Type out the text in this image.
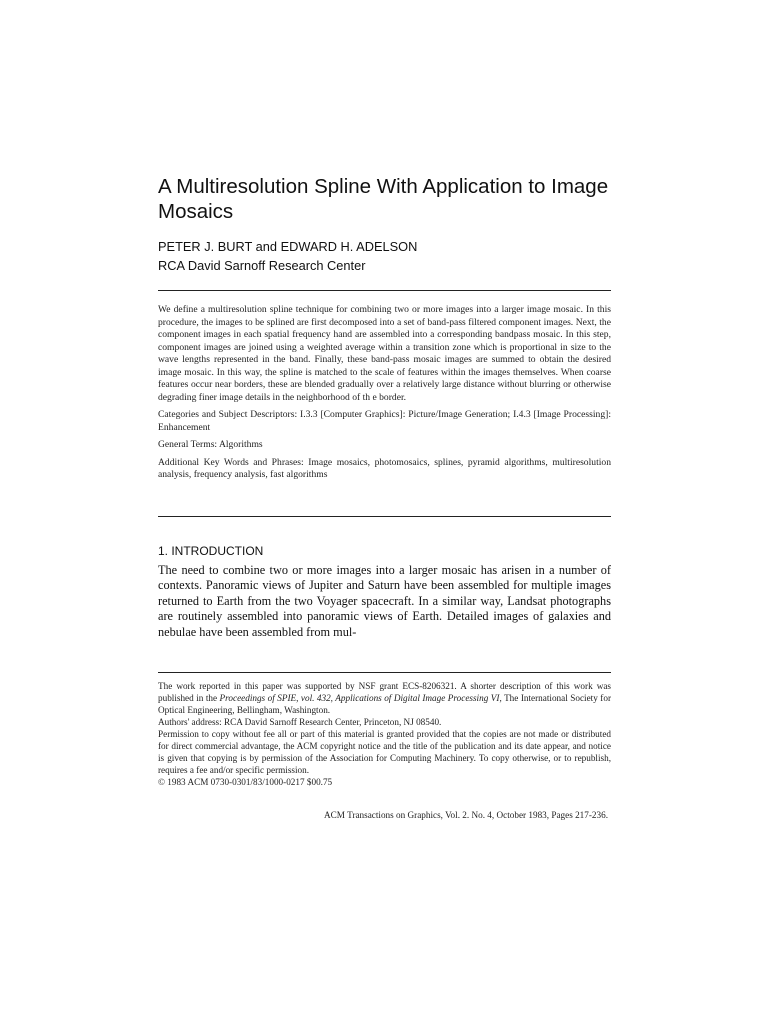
A Multiresolution Spline With Application to Image Mosaics
PETER J. BURT and EDWARD H. ADELSON
RCA David Sarnoff Research Center

We define a multiresolution spline technique for combining two or more images into a larger image mosaic. In this procedure, the images to be splined are first decomposed into a set of band-pass filtered component images. Next, the component images in each spatial frequency hand are assembled into a corresponding bandpass mosaic. In this step, component images are joined using a weighted average within a transition zone which is proportional in size to the wave lengths represented in the band. Finally, these band-pass mosaic images are summed to obtain the desired image mosaic. In this way, the spline is matched to the scale of features within the images themselves. When coarse features occur near borders, these are blended gradually over a relatively large distance without blurring or otherwise degrading finer image details in the neighborhood of th e border.

Categories and Subject Descriptors: I.3.3 [Computer Graphics]: Picture/Image Generation; I.4.3 [Image Processing]: Enhancement

General Terms: Algorithms

Additional Key Words and Phrases: Image mosaics, photomosaics, splines, pyramid algorithms, multiresolution analysis, frequency analysis, fast algorithms

1. INTRODUCTION

The need to combine two or more images into a larger mosaic has arisen in a number of contexts. Panoramic views of Jupiter and Saturn have been assembled for multiple images returned to Earth from the two Voyager spacecraft. In a similar way, Landsat photographs are routinely assembled into panoramic views of Earth. Detailed images of galaxies and nebulae have been assembled from mul-

The work reported in this paper was supported by NSF grant ECS-8206321. A shorter description of this work was published in the Proceedings of SPIE, vol. 432, Applications of Digital Image Processing VI, The International Society for Optical Engineering, Bellingham, Washington.

Authors' address: RCA David Sarnoff Research Center, Princeton, NJ 08540.

Permission to copy without fee all or part of this material is granted provided that the copies are not made or distributed for direct commercial advantage, the ACM copyright notice and the title of the publication and its date appear, and notice is given that copying is by permission of the Association for Computing Machinery. To copy otherwise, or to republish, requires a fee and/or specific permission.

© 1983 ACM 0730-0301/83/1000-0217 $00.75

ACM Transactions on Graphics, Vol. 2. No. 4, October 1983, Pages 217-236.
